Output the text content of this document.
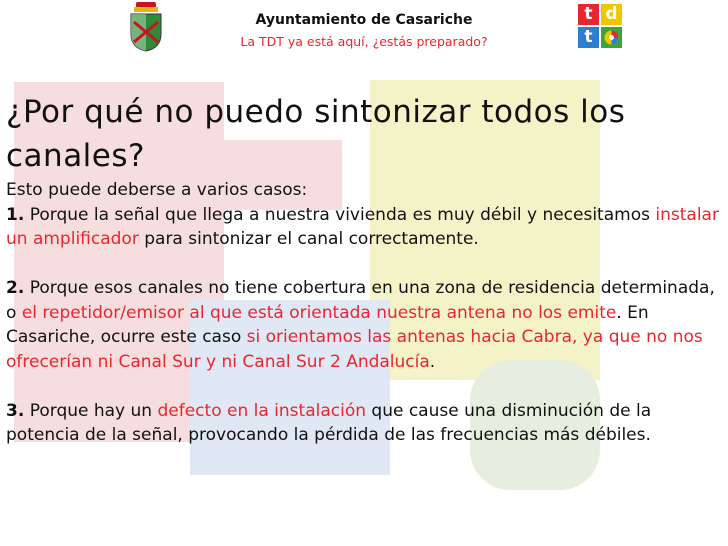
Ayuntamiento de Casariche
La TDT ya está aquí, ¿estás preparado?
t d
t
¿Por qué no puedo sintonizar todos los canales?

Esto puede deberse a varios casos:

1. Porque la señal que llega a nuestra vivienda es muy débil y necesitamos instalar un amplificador para sintonizar el canal correctamente.

2. Porque esos canales no tiene cobertura en una zona de residencia determinada, o el repetidor/emisor al que está orientada nuestra antena no los emite. En Casariche, ocurre este caso si orientamos las antenas hacia Cabra, ya que no nos ofrecerían ni Canal Sur y ni Canal Sur 2 Andalucía.

3. Porque hay un defecto en la instalación que cause una disminución de la potencia de la señal, provocando la pérdida de las frecuencias más débiles.
